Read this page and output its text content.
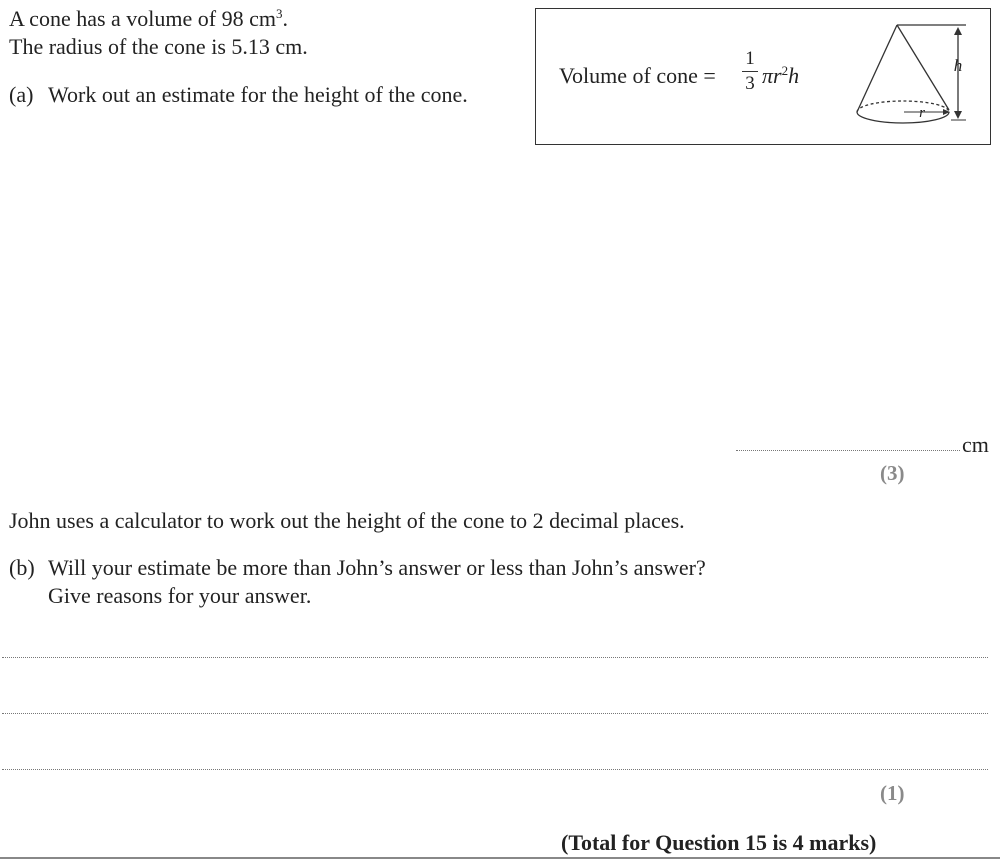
A cone has a volume of 98 $cm^3$.
The radius of the cone is 5.13 cm.
(a) Work out an estimate for the height of the cone.
Volume of cone =
1
3 $\pi r^2h$	h
r
cm
(3)
John uses a calculator to work out the height of the cone to 2 decimal places.
(b) Will your estimate be more than John’s answer or less than John’s answer?
Give reasons for your answer.
(1)
(Total for Question 15 is 4 marks)
